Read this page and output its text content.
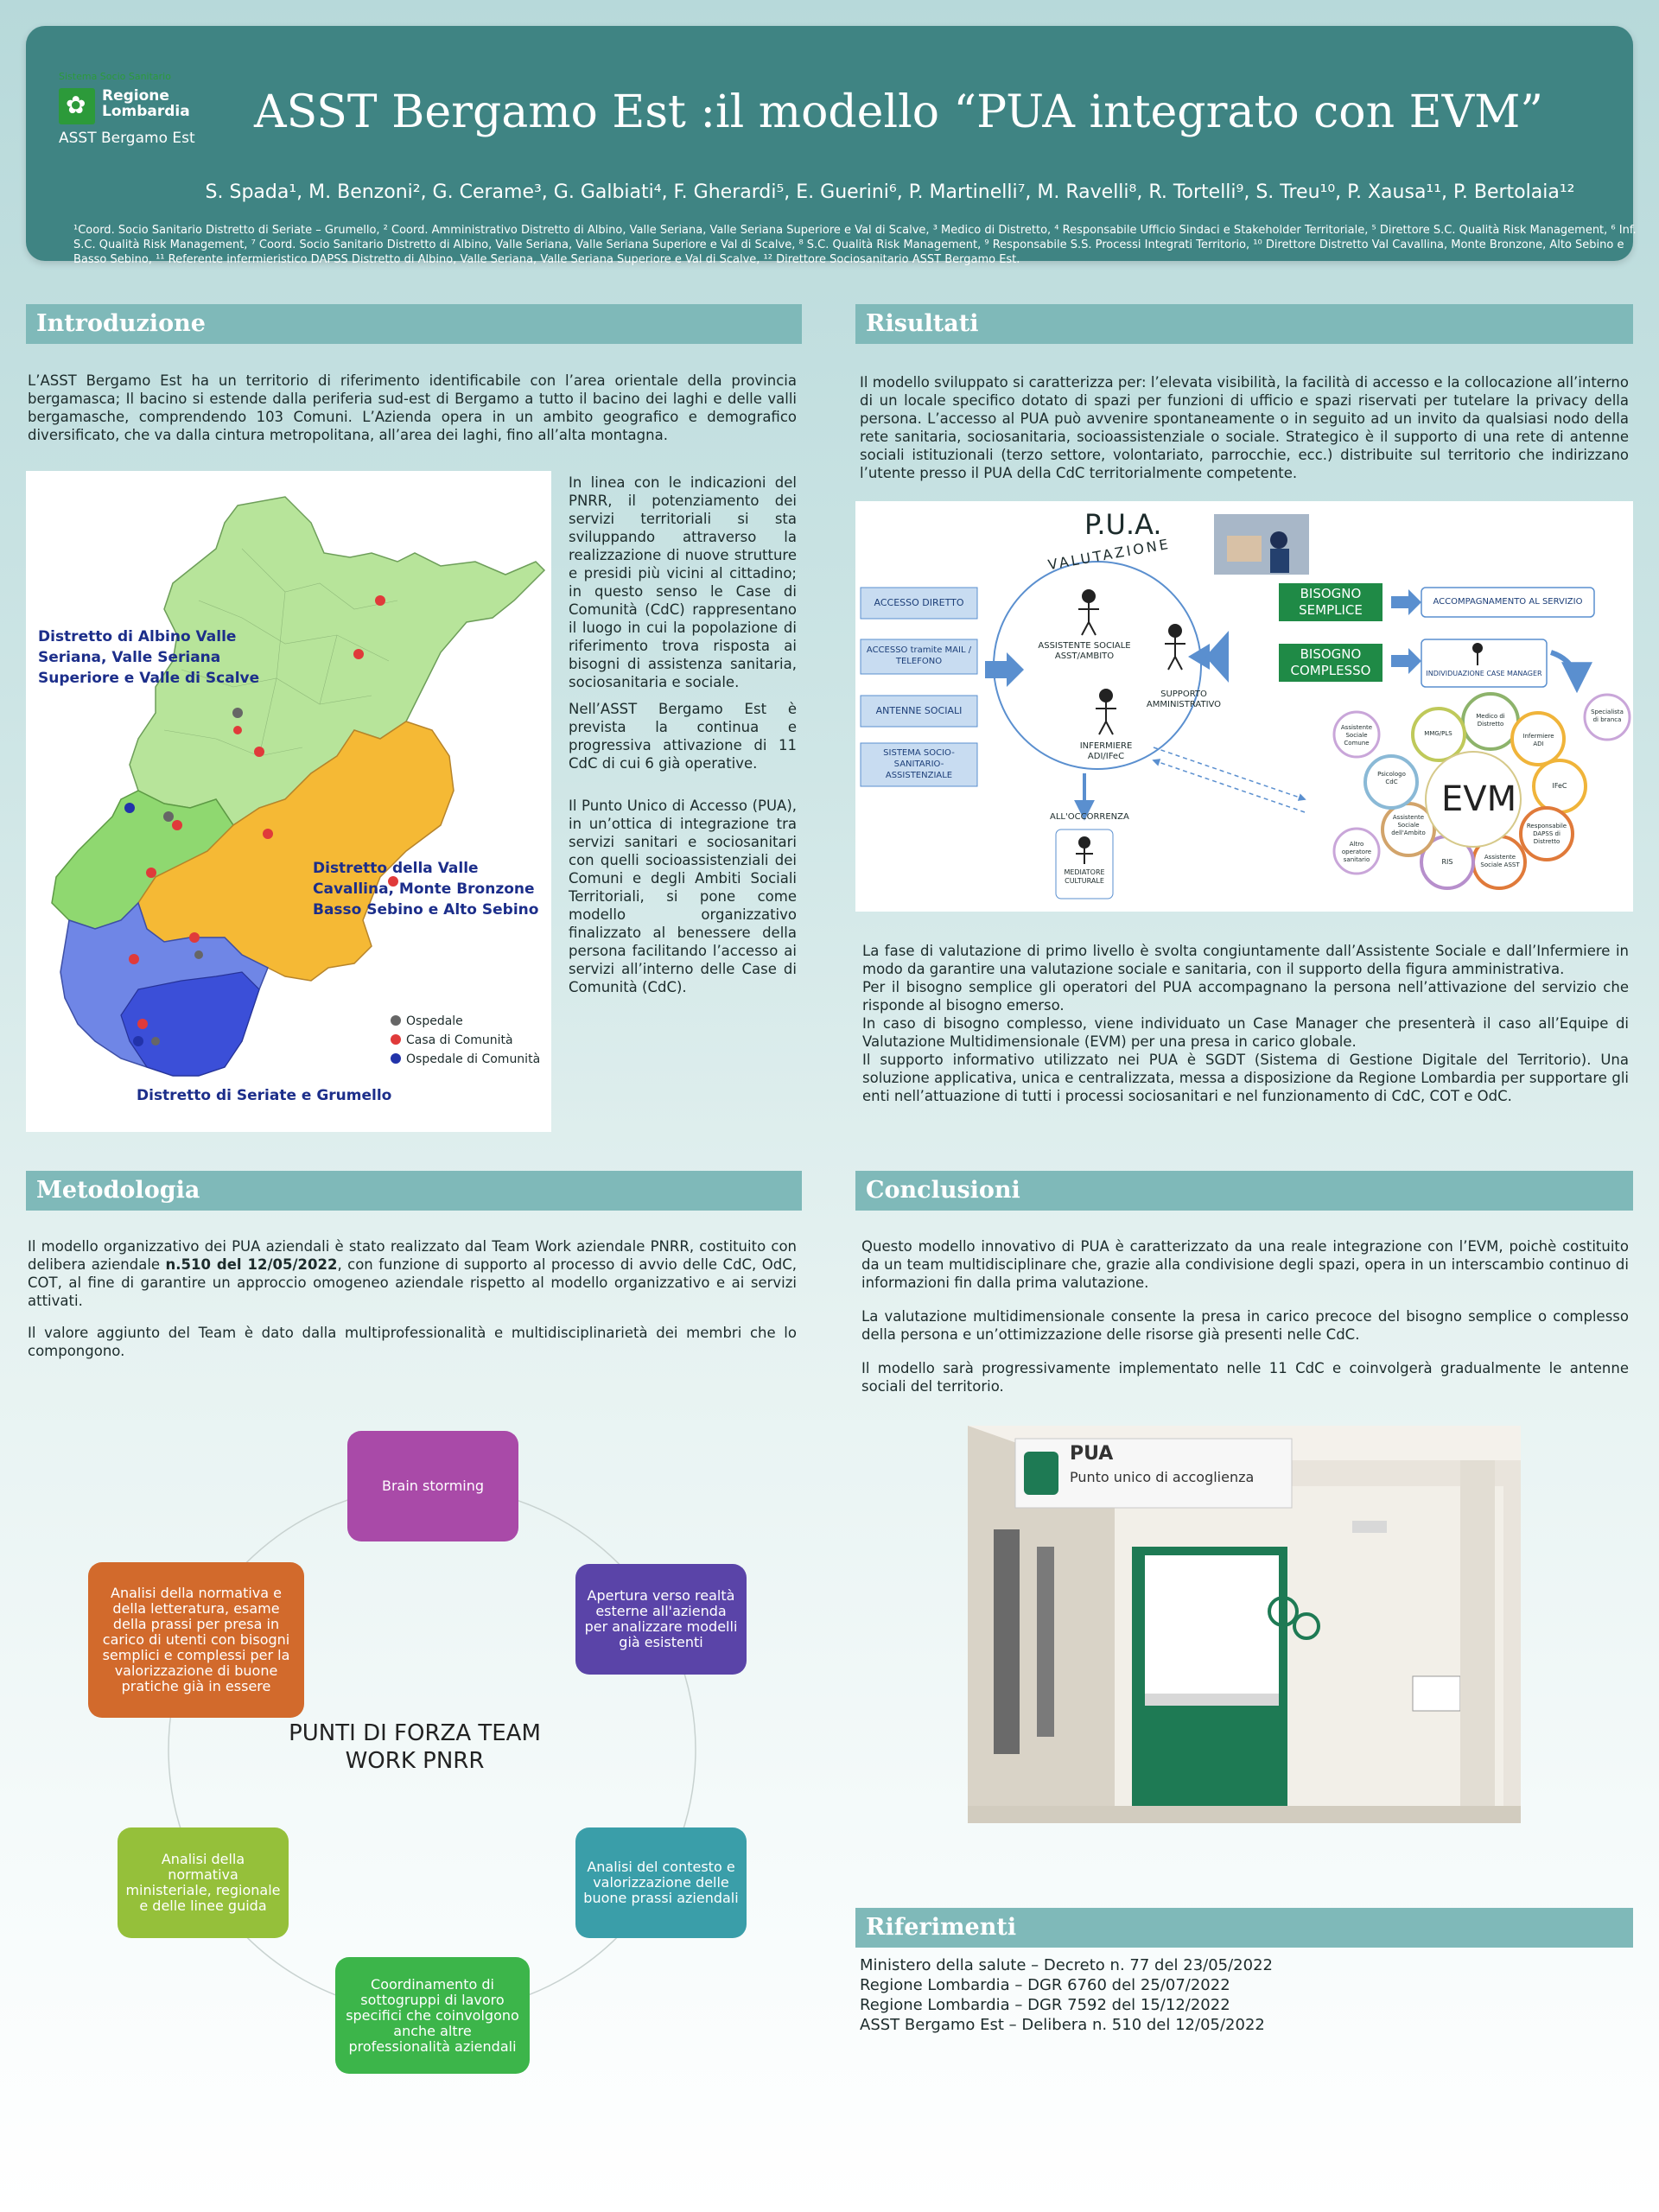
Sistema Socio Sanitario
✿ Regione Lombardia
ASST Bergamo Est	ASST Bergamo Est :il modello “PUA integrato con EVM”
S. Spada¹, M. Benzoni², G. Cerame³, G. Galbiati⁴, F. Gherardi⁵, E. Guerini⁶, P. Martinelli⁷, M. Ravelli⁸, R. Tortelli⁹, S. Treu¹⁰, P. Xausa¹¹, P. Bertolaia¹²
¹Coord. Socio Sanitario Distretto di Seriate – Grumello, ² Coord. Amministrativo Distretto di Albino, Valle Seriana, Valle Seriana Superiore e Val di Scalve, ³ Medico di Distretto, ⁴ Responsabile Ufficio Sindaci e Stakeholder Territoriale, ⁵ Direttore S.C. Qualità Risk Management, ⁶ Inf. S.C. Qualità Risk Management, ⁷ Coord. Socio Sanitario Distretto di Albino, Valle Seriana, Valle Seriana Superiore e Val di Scalve, ⁸ S.C. Qualità Risk Management, ⁹ Responsabile S.S. Processi Integrati Territorio, ¹⁰ Direttore Distretto Val Cavallina, Monte Bronzone, Alto Sebino e Basso Sebino, ¹¹ Referente infermieristico DAPSS Distretto di Albino, Valle Seriana, Valle Seriana Superiore e Val di Scalve, ¹² Direttore Sociosanitario ASST Bergamo Est.
Introduzione
L’ASST Bergamo Est ha un territorio di riferimento identificabile con l’area orientale della provincia bergamasca; Il bacino si estende dalla periferia sud-est di Bergamo a tutto il bacino dei laghi e delle valli bergamasche, comprendendo 103 Comuni. L’Azienda opera in un ambito geografico e demografico diversificato, che va dalla cintura metropolitana, all’area dei laghi, fino all’alta montagna.
Distretto di Albino Valle Seriana, Valle Seriana Superiore e Valle di Scalve
Distretto della Valle Cavallina, Monte Bronzone Basso Sebino e Alto Sebino
Distretto di Seriate e Grumello
Ospedale
Casa di Comunità
Ospedale di Comunità

In linea con le indicazioni del PNRR, il potenziamento dei servizi territoriali si sta sviluppando attraverso la realizzazione di nuove strutture e presidi più vicini al cittadino; in questo senso le Case di Comunità (CdC) rappresentano il luogo in cui la popolazione di riferimento trova risposta ai bisogni di assistenza sanitaria, sociosanitaria e sociale.

Nell’ASST Bergamo Est è prevista la continua e progressiva attivazione di 11 CdC di cui 6 già operative.

Il Punto Unico di Accesso (PUA), in un’ottica di integrazione tra servizi sanitari e sociosanitari con quelli socioassistenziali dei Comuni e degli Ambiti Sociali Territoriali, si pone come modello organizzativo finalizzato al benessere della persona facilitando l’accesso ai servizi all’interno delle Case di Comunità (CdC).

Risultati
Il modello sviluppato si caratterizza per: l’elevata visibilità, la facilità di accesso e la collocazione all’interno di un locale specifico dotato di spazi per funzioni di ufficio e spazi riservati per tutelare la privacy della persona. L’accesso al PUA può avvenire spontaneamente o in seguito ad un invito da qualsiasi nodo della rete sanitaria, sociosanitaria, socioassistenziale o sociale. Strategico è il supporto di una rete di antenne sociali istituzionali (terzo settore, volontariato, parrocchie, ecc.) distribuite sul territorio che indirizzano l’utente presso il PUA della CdC territorialmente competente.
P.U.A.
VALUTAZIONE
ACCESSO DIRETTO
ACCESSO tramite MAIL / TELEFONO
ANTENNE SOCIALI
SISTEMA SOCIO-SANITARIO-ASSISTENZIALE
ASSISTENTE SOCIALE ASST/AMBITO
SUPPORTO AMMINISTRATIVO
INFERMIERE ADI/IFeC
BISOGNO SEMPLICE
BISOGNO COMPLESSO
ACCOMPAGNAMENTO AL SERVIZIO
INDIVIDUAZIONE CASE MANAGER
ALL'OCCORRENZA
MEDIATORE CULTURALE
EVM
Medico di Distretto
Infermiere ADI
IFeC
Responsabile DAPSS di Distretto
Assistente Sociale ASST
RIS
Assistente Sociale dell'Ambito
Psicologo CdC
MMG/PLS
Assistente Sociale Comune
Specialista di branca
Altro operatore sanitario

La fase di valutazione di primo livello è svolta congiuntamente dall’Assistente Sociale e dall’Infermiere in modo da garantire una valutazione sociale e sanitaria, con il supporto della figura amministrativa.

Per il bisogno semplice gli operatori del PUA accompagnano la persona nell’attivazione del servizio che risponde al bisogno emerso.

In caso di bisogno complesso, viene individuato un Case Manager che presenterà il caso all’Equipe di Valutazione Multidimensionale (EVM) per una presa in carico globale.

Il supporto informativo utilizzato nei PUA è SGDT (Sistema di Gestione Digitale del Territorio). Una soluzione applicativa, unica e centralizzata, messa a disposizione da Regione Lombardia per supportare gli enti nell’attuazione di tutti i processi sociosanitari e nel funzionamento di CdC, COT e OdC.

Metodologia

Il modello organizzativo dei PUA aziendali è stato realizzato dal Team Work aziendale PNRR, costituito con delibera aziendale n.510 del 12/05/2022, con funzione di supporto al processo di avvio delle CdC, OdC, COT, al fine di garantire un approccio omogeneo aziendale rispetto al modello organizzativo e ai servizi attivati.

Il valore aggiunto del Team è dato dalla multiprofessionalità e multidisciplinarietà dei membri che lo compongono.

Brain storming
Apertura verso realtà esterne all'azienda per analizzare modelli già esistenti
Analisi del contesto e valorizzazione delle buone prassi aziendali
Coordinamento di sottogruppi di lavoro specifici che coinvolgono anche altre professionalità aziendali
Analisi della normativa ministeriale, regionale e delle linee guida
Analisi della normativa e della letteratura, esame della prassi per presa in carico di utenti con bisogni semplici e complessi per la valorizzazione di buone pratiche già in essere
PUNTI DI FORZA TEAM WORK PNRR
Conclusioni

Questo modello innovativo di PUA è caratterizzato da una reale integrazione con l’EVM, poichè costituito da un team multidisciplinare che, grazie alla condivisione degli spazi, opera in un interscambio continuo di informazioni fin dalla prima valutazione.

La valutazione multidimensionale consente la presa in carico precoce del bisogno semplice o complesso della persona e un’ottimizzazione delle risorse già presenti nelle CdC.

Il modello sarà progressivamente implementato nelle 11 CdC e coinvolgerà gradualmente le antenne sociali del territorio.

PUA
Punto unico di accoglienza
Riferimenti
Ministero della salute – Decreto n. 77 del 23/05/2022
Regione Lombardia – DGR 6760 del 25/07/2022
Regione Lombardia – DGR 7592 del 15/12/2022
ASST Bergamo Est – Delibera n. 510 del 12/05/2022
